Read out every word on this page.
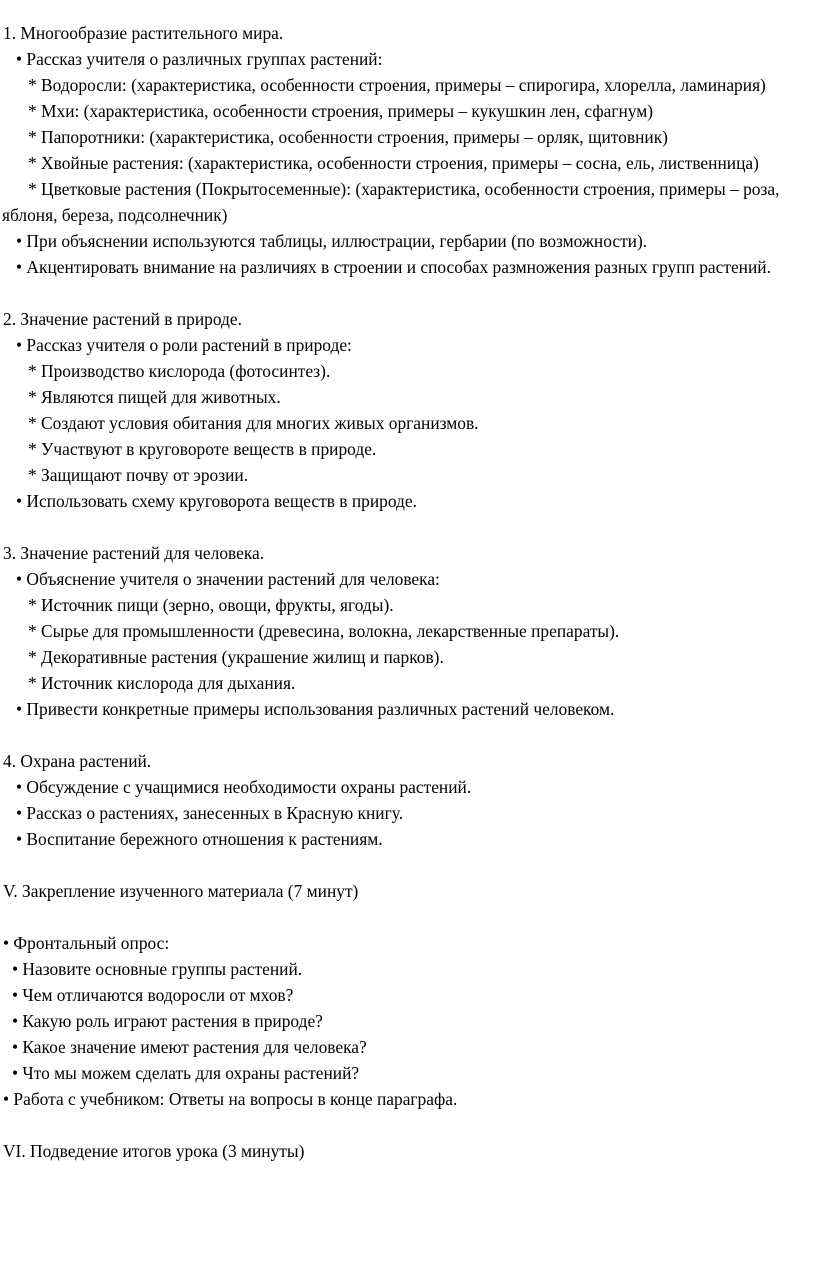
1. Многообразие растительного мира.

• Рассказ учителя о различных группах растений:

* Водоросли: (характеристика, особенности строения, примеры – спирогира, хлорелла, ламинария)

* Мхи: (характеристика, особенности строения, примеры – кукушкин лен, сфагнум)

* Папоротники: (характеристика, особенности строения, примеры – орляк, щитовник)

* Хвойные растения: (характеристика, особенности строения, примеры – сосна, ель, лиственница)

* Цветковые растения (Покрытосеменные): (характеристика, особенности строения, примеры – роза, яблоня, береза, подсолнечник)

• При объяснении используются таблицы, иллюстрации, гербарии (по возможности).

• Акцентировать внимание на различиях в строении и способах размножения разных групп растений.

2. Значение растений в природе.

• Рассказ учителя о роли растений в природе:

* Производство кислорода (фотосинтез).

* Являются пищей для животных.

* Создают условия обитания для многих живых организмов.

* Участвуют в круговороте веществ в природе.

* Защищают почву от эрозии.

• Использовать схему круговорота веществ в природе.

3. Значение растений для человека.

• Объяснение учителя о значении растений для человека:

* Источник пищи (зерно, овощи, фрукты, ягоды).

* Сырье для промышленности (древесина, волокна, лекарственные препараты).

* Декоративные растения (украшение жилищ и парков).

* Источник кислорода для дыхания.

• Привести конкретные примеры использования различных растений человеком.

4. Охрана растений.

• Обсуждение с учащимися необходимости охраны растений.

• Рассказ о растениях, занесенных в Красную книгу.

• Воспитание бережного отношения к растениям.

V. Закрепление изученного материала (7 минут)

• Фронтальный опрос:

• Назовите основные группы растений.

• Чем отличаются водоросли от мхов?

• Какую роль играют растения в природе?

• Какое значение имеют растения для человека?

• Что мы можем сделать для охраны растений?

• Работа с учебником: Ответы на вопросы в конце параграфа.

VI. Подведение итогов урока (3 минуты)
